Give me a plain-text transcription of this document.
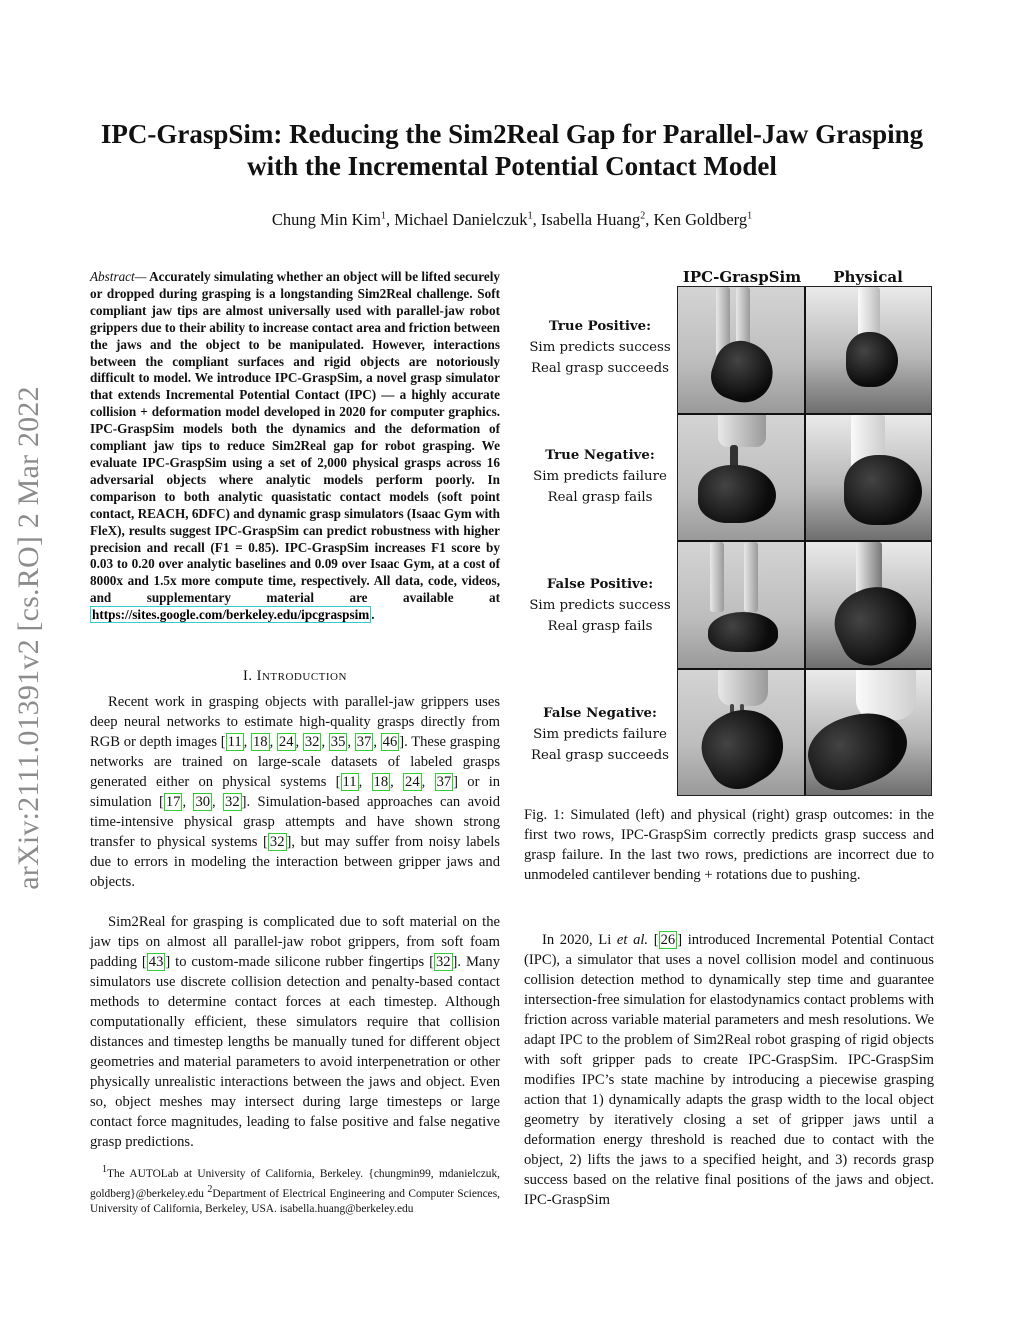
arXiv:2111.01391v2 [cs.RO] 2 Mar 2022
IPC-GraspSim: Reducing the Sim2Real Gap for Parallel-Jaw Grasping with the Incremental Potential Contact Model
Chung Min Kim$^1$, Michael Danielczuk$^1$, Isabella Huang$^2$, Ken Goldberg$^1$
Abstract— Accurately simulating whether an object will be lifted securely or dropped during grasping is a longstanding Sim2Real challenge. Soft compliant jaw tips are almost universally used with parallel-jaw robot grippers due to their ability to increase contact area and friction between the jaws and the object to be manipulated. However, interactions between the compliant surfaces and rigid objects are notoriously difficult to model. We introduce IPC-GraspSim, a novel grasp simulator that extends Incremental Potential Contact (IPC) — a highly accurate collision + deformation model developed in 2020 for computer graphics. IPC-GraspSim models both the dynamics and the deformation of compliant jaw tips to reduce Sim2Real gap for robot grasping. We evaluate IPC-GraspSim using a set of 2,000 physical grasps across 16 adversarial objects where analytic models perform poorly. In comparison to both analytic quasistatic contact models (soft point contact, REACH, 6DFC) and dynamic grasp simulators (Isaac Gym with FleX), results suggest IPC-GraspSim can predict robustness with higher precision and recall (F1 = 0.85). IPC-GraspSim increases F1 score by 0.03 to 0.20 over analytic baselines and 0.09 over Isaac Gym, at a cost of 8000x and 1.5x more compute time, respectively. All data, code, videos, and supplementary material are available at https://sites.google.com/berkeley.edu/ipcgraspsim .
I. INTRODUCTION

Recent work in grasping objects with parallel-jaw grippers uses deep neural networks to estimate high-quality grasps directly from RGB or depth images [ 11 , 18 , 24 , 32 , 35 , 37 , 46 ]. These grasping networks are trained on large-scale datasets of labeled grasps generated either on physical systems [ 11 , 18 , 24 , 37 ] or in simulation [ 17 , 30 , 32 ]. Simulation-based approaches can avoid time-intensive physical grasp attempts and have shown strong transfer to physical systems [ 32 ], but may suffer from noisy labels due to errors in modeling the interaction between gripper jaws and objects.

Sim2Real for grasping is complicated due to soft material on the jaw tips on almost all parallel-jaw robot grippers, from soft foam padding [ 43 ] to custom-made silicone rubber fingertips [ 32 ]. Many simulators use discrete collision detection and penalty-based contact methods to determine contact forces at each timestep. Although computationally efficient, these simulators require that collision distances and timestep lengths be manually tuned for different object geometries and material parameters to avoid interpenetration or other physically unrealistic interactions between the jaws and object. Even so, object meshes may intersect during large timesteps or large contact force magnitudes, leading to false positive and false negative grasp predictions.

$^1$The AUTOLab at University of California, Berkeley. {chungmin99, mdanielczuk, goldberg}@berkeley.edu $^2$Department of Electrical Engineering and Computer Sciences, University of California, Berkeley, USA. isabella.huang@berkeley.edu
IPC-GraspSim	Physical
True Positive:
Sim predicts success
Real grasp succeeds
True Negative:
Sim predicts failure
Real grasp fails
False Positive:
Sim predicts success
Real grasp fails
False Negative:
Sim predicts failure
Real grasp succeeds
Fig. 1: Simulated (left) and physical (right) grasp outcomes: in the first two rows, IPC-GraspSim correctly predicts grasp success and grasp failure. In the last two rows, predictions are incorrect due to unmodeled cantilever bending + rotations due to pushing.

In 2020, Li et al. [ 26 ] introduced Incremental Potential Contact (IPC), a simulator that uses a novel collision model and continuous collision detection method to dynamically step time and guarantee intersection-free simulation for elastodynamics contact problems with friction across variable material parameters and mesh resolutions. We adapt IPC to the problem of Sim2Real robot grasping of rigid objects with soft gripper pads to create IPC-GraspSim. IPC-GraspSim modifies IPC’s state machine by introducing a piecewise grasping action that 1) dynamically adapts the grasp width to the local object geometry by iteratively closing a set of gripper jaws until a deformation energy threshold is reached due to contact with the object, 2) lifts the jaws to a specified height, and 3) records grasp success based on the relative final positions of the jaws and object. IPC-GraspSim
